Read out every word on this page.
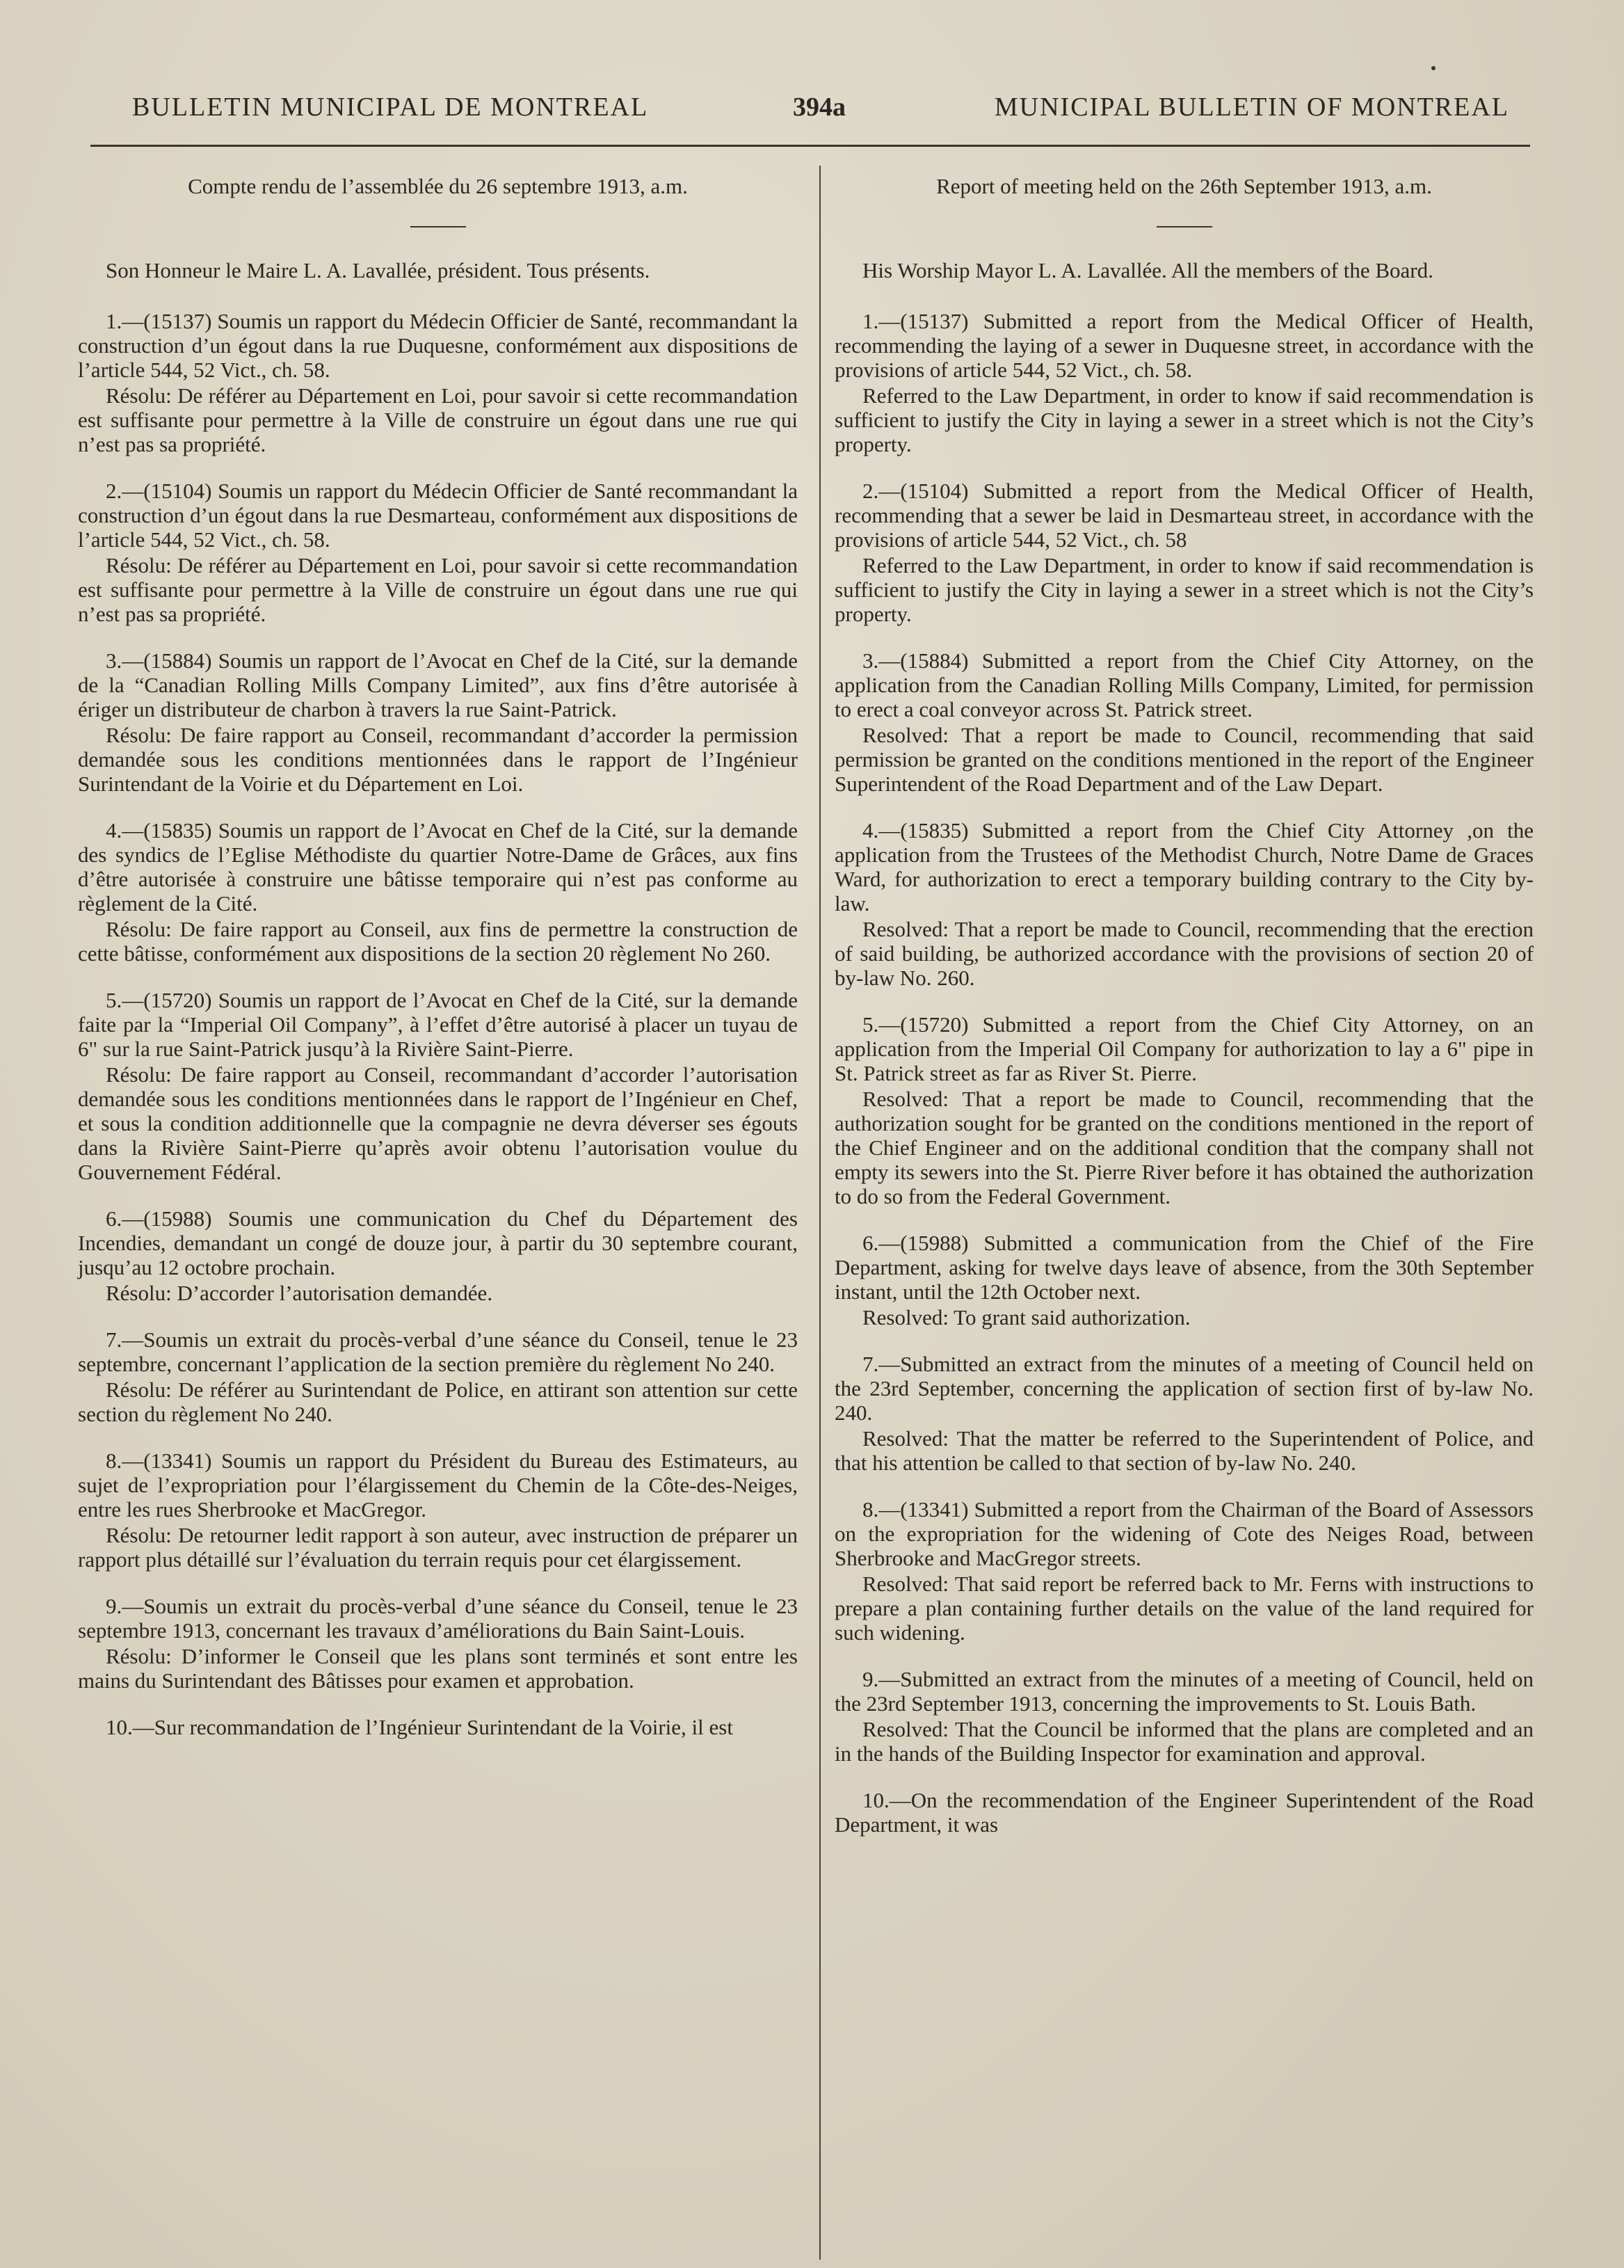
BULLETIN MUNICIPAL DE MONTREAL	394a	MUNICIPAL BULLETIN OF MONTREAL
Compte rendu de l’assemblée du 26 septembre 1913, a.m.

Son Honneur le Maire L. A. Lavallée, président. Tous présents.

1.—(15137) Soumis un rapport du Médecin Officier de Santé, recommandant la construction d’un égout dans la rue Duquesne, conformément aux dispositions de l’article 544, 52 Vict., ch. 58.

Résolu: De référer au Département en Loi, pour savoir si cette recommandation est suffisante pour permettre à la Ville de construire un égout dans une rue qui n’est pas sa propriété.

2.—(15104) Soumis un rapport du Médecin Officier de Santé recommandant la construction d’un égout dans la rue Desmarteau, conformément aux dispositions de l’article 544, 52 Vict., ch. 58.

Résolu: De référer au Département en Loi, pour savoir si cette recommandation est suffisante pour permettre à la Ville de construire un égout dans une rue qui n’est pas sa propriété.

3.—(15884) Soumis un rapport de l’Avocat en Chef de la Cité, sur la demande de la “Canadian Rolling Mills Company Limited”, aux fins d’être autorisée à ériger un distributeur de charbon à travers la rue Saint-Patrick.

Résolu: De faire rapport au Conseil, recommandant d’accorder la permission demandée sous les conditions mentionnées dans le rapport de l’Ingénieur Surintendant de la Voirie et du Département en Loi.

4.—(15835) Soumis un rapport de l’Avocat en Chef de la Cité, sur la demande des syndics de l’Eglise Méthodiste du quartier Notre-Dame de Grâces, aux fins d’être autorisée à construire une bâtisse temporaire qui n’est pas conforme au règlement de la Cité.

Résolu: De faire rapport au Conseil, aux fins de permettre la construction de cette bâtisse, conformément aux dispositions de la section 20 règlement No 260.

5.—(15720) Soumis un rapport de l’Avocat en Chef de la Cité, sur la demande faite par la “Imperial Oil Company”, à l’effet d’être autorisé à placer un tuyau de 6" sur la rue Saint-Patrick jusqu’à la Rivière Saint-Pierre.

Résolu: De faire rapport au Conseil, recommandant d’accorder l’autorisation demandée sous les conditions mentionnées dans le rapport de l’Ingénieur en Chef, et sous la condition additionnelle que la compagnie ne devra déverser ses égouts dans la Rivière Saint-Pierre qu’après avoir obtenu l’autorisation voulue du Gouvernement Fédéral.

6.—(15988) Soumis une communication du Chef du Département des Incendies, demandant un congé de douze jour, à partir du 30 septembre courant, jusqu’au 12 octobre prochain.

Résolu: D’accorder l’autorisation demandée.

7.—Soumis un extrait du procès-verbal d’une séance du Conseil, tenue le 23 septembre, concernant l’application de la section première du règlement No 240.

Résolu: De référer au Surintendant de Police, en attirant son attention sur cette section du règlement No 240.

8.—(13341) Soumis un rapport du Président du Bureau des Estimateurs, au sujet de l’expropriation pour l’élargissement du Chemin de la Côte-des-Neiges, entre les rues Sherbrooke et MacGregor.

Résolu: De retourner ledit rapport à son auteur, avec instruction de préparer un rapport plus détaillé sur l’évaluation du terrain requis pour cet élargissement.

9.—Soumis un extrait du procès-verbal d’une séance du Conseil, tenue le 23 septembre 1913, concernant les travaux d’améliorations du Bain Saint-Louis.

Résolu: D’informer le Conseil que les plans sont terminés et sont entre les mains du Surintendant des Bâtisses pour examen et approbation.

10.—Sur recommandation de l’Ingénieur Surintendant de la Voirie, il est

Report of meeting held on the 26th September 1913, a.m.

His Worship Mayor L. A. Lavallée. All the members of the Board.

1.—(15137) Submitted a report from the Medical Officer of Health, recommending the laying of a sewer in Duquesne street, in accordance with the provisions of article 544, 52 Vict., ch. 58.

Referred to the Law Department, in order to know if said recommendation is sufficient to justify the City in laying a sewer in a street which is not the City’s property.

2.—(15104) Submitted a report from the Medical Officer of Health, recommending that a sewer be laid in Desmarteau street, in accordance with the provisions of article 544, 52 Vict., ch. 58

Referred to the Law Department, in order to know if said recommendation is sufficient to justify the City in laying a sewer in a street which is not the City’s property.

3.—(15884) Submitted a report from the Chief City Attorney, on the application from the Canadian Rolling Mills Company, Limited, for permission to erect a coal conveyor across St. Patrick street.

Resolved: That a report be made to Council, recommending that said permission be granted on the conditions mentioned in the report of the Engineer Superintendent of the Road Department and of the Law Depart.

4.—(15835) Submitted a report from the Chief City Attorney ,on the application from the Trustees of the Methodist Church, Notre Dame de Graces Ward, for authorization to erect a temporary building contrary to the City by-law.

Resolved: That a report be made to Council, recommending that the erection of said building, be authorized accordance with the provisions of section 20 of by-law No. 260.

5.—(15720) Submitted a report from the Chief City Attorney, on an application from the Imperial Oil Company for authorization to lay a 6" pipe in St. Patrick street as far as River St. Pierre.

Resolved: That a report be made to Council, recommending that the authorization sought for be granted on the conditions mentioned in the report of the Chief Engineer and on the additional condition that the company shall not empty its sewers into the St. Pierre River before it has obtained the authorization to do so from the Federal Government.

6.—(15988) Submitted a communication from the Chief of the Fire Department, asking for twelve days leave of absence, from the 30th September instant, until the 12th October next.

Resolved: To grant said authorization.

7.—Submitted an extract from the minutes of a meeting of Council held on the 23rd September, concerning the application of section first of by-law No. 240.

Resolved: That the matter be referred to the Superintendent of Police, and that his attention be called to that section of by-law No. 240.

8.—(13341) Submitted a report from the Chairman of the Board of Assessors on the expropriation for the widening of Cote des Neiges Road, between Sherbrooke and MacGregor streets.

Resolved: That said report be referred back to Mr. Ferns with instructions to prepare a plan containing further details on the value of the land required for such widening.

9.—Submitted an extract from the minutes of a meeting of Council, held on the 23rd September 1913, concerning the improvements to St. Louis Bath.

Resolved: That the Council be informed that the plans are completed and an in the hands of the Building Inspector for examination and approval.

10.—On the recommendation of the Engineer Superintendent of the Road Department, it was
